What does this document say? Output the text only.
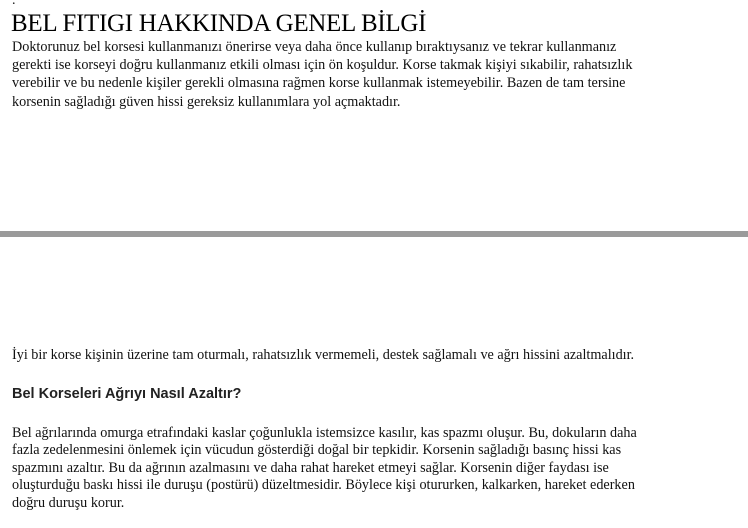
.
BEL FITIGI HAKKINDA GENEL BİLGİ

Doktorunuz bel korsesi kullanmanızı önerirse veya daha önce kullanıp bıraktıysanız ve tekrar kullanmanız
gerekti ise korseyi doğru kullanmanız etkili olması için ön koşuldur. Korse takmak kişiyi sıkabilir, rahatsızlık
verebilir ve bu nedenle kişiler gerekli olmasına rağmen korse kullanmak istemeyebilir. Bazen de tam tersine
korsenin sağladığı güven hissi gereksiz kullanımlara yol açmaktadır.

İyi bir korse kişinin üzerine tam oturmalı, rahatsızlık vermemeli, destek sağlamalı ve ağrı hissini azaltmalıdır.

Bel Korseleri Ağrıyı Nasıl Azaltır?

Bel ağrılarında omurga etrafındaki kaslar çoğunlukla istemsizce kasılır, kas spazmı oluşur. Bu, dokuların daha
fazla zedelenmesini önlemek için vücudun gösterdiği doğal bir tepkidir. Korsenin sağladığı basınç hissi kas
spazmını azaltır. Bu da ağrının azalmasını ve daha rahat hareket etmeyi sağlar. Korsenin diğer faydası ise
oluşturduğu baskı hissi ile duruşu (postürü) düzeltmesidir. Böylece kişi otururken, kalkarken, hareket ederken
doğru duruşu korur.
